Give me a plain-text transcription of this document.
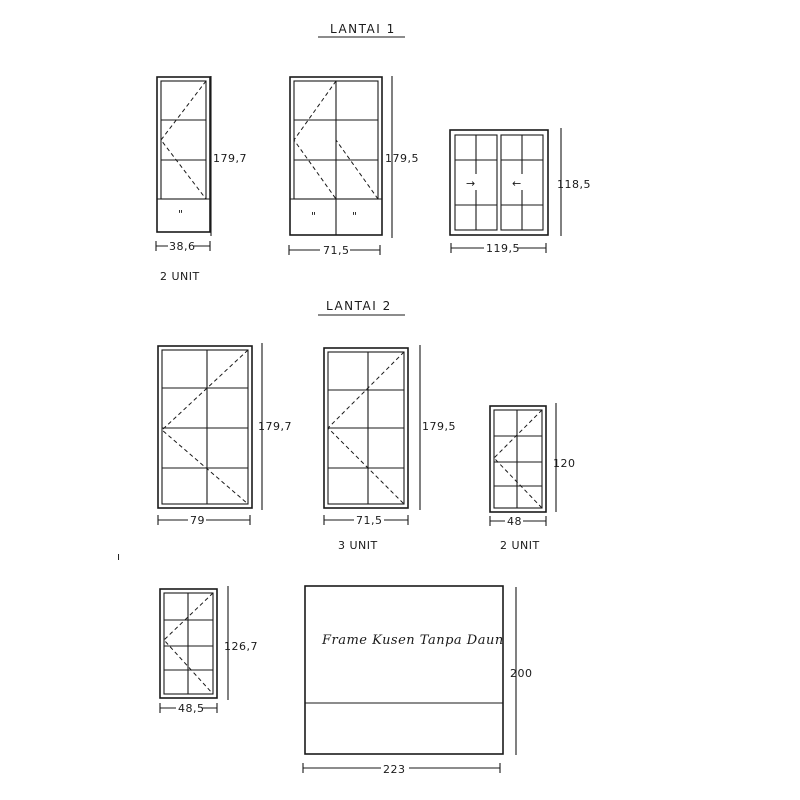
LANTAI 1
"
179,7
38,6
2 UNIT
"	"
179,5
71,5
→	←	118,5
119,5
LANTAI 2
179,7
79
179,5
71,5
3 UNIT
120
48
2 UNIT
ı
126,7
48,5
Frame Kusen Tanpa Daun
200
223
